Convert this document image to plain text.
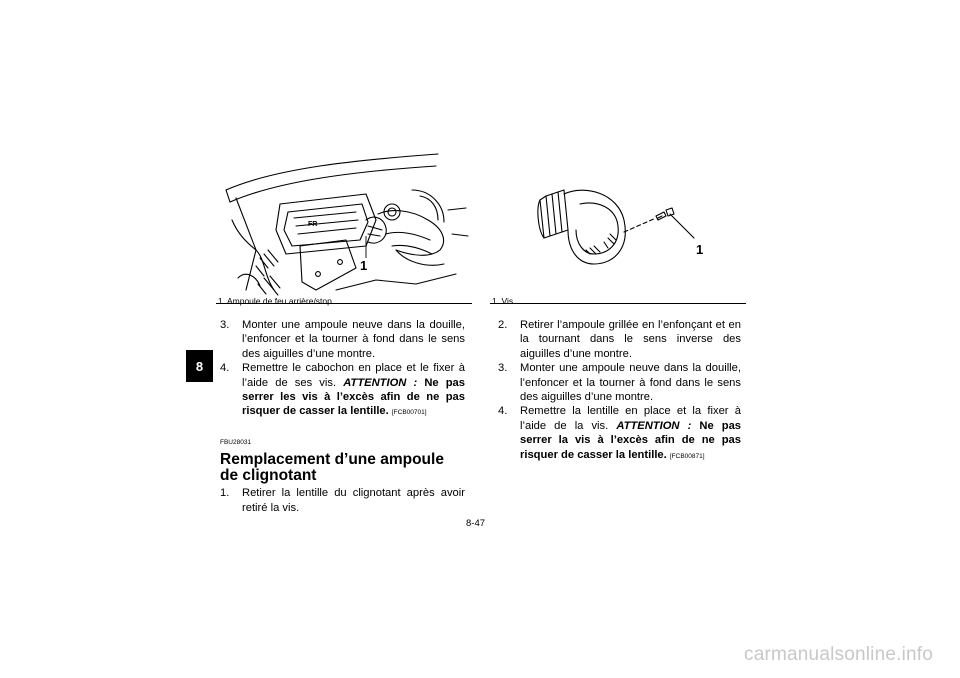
8
FR
1
1. Ampoule de feu arrière/stop

3. Monter une ampoule neuve dans la douille, l’enfoncer et la tourner à fond dans le sens des aiguilles d’une montre.

4. Remettre le cabochon en place et le fixer à l’aide de ses vis. ATTENTION : Ne pas serrer les vis à l’excès afin de ne pas risquer de casser la lentille. [FCB00701]

FBU28031
Remplacement d’une ampoule de clignotant

1. Retirer la lentille du clignotant après avoir retiré la vis.

1
1. Vis

2. Retirer l’ampoule grillée en l’enfonçant et en la tournant dans le sens inverse des aiguilles d’une montre.

3. Monter une ampoule neuve dans la douille, l’enfoncer et la tourner à fond dans le sens des aiguilles d’une montre.

4. Remettre la lentille en place et la fixer à l’aide de la vis. ATTENTION : Ne pas serrer la vis à l’excès afin de ne pas risquer de casser la lentille. [FCB00871]

8-47
carmanualsonline.info
